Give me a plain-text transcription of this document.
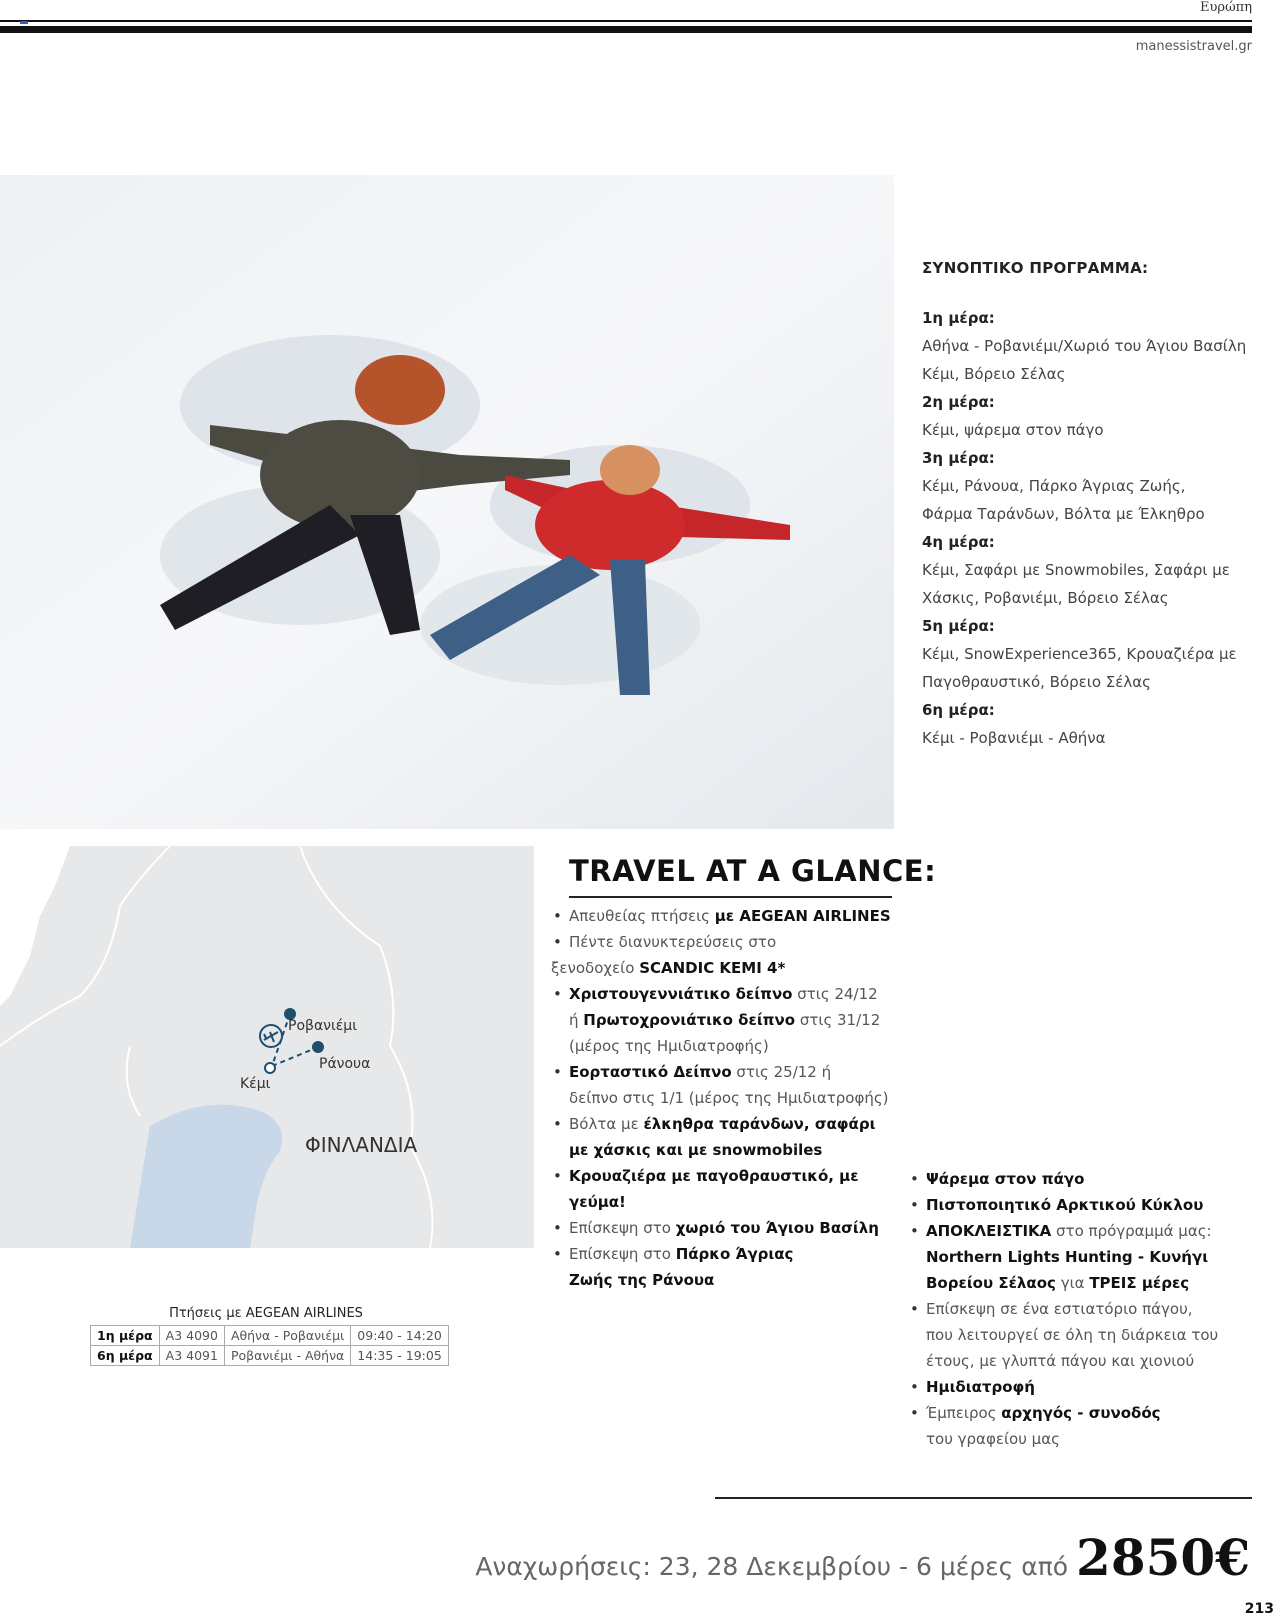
Ευρώπη
manessistravel.gr
ΣΥΝΟΠΤΙΚΟ ΠΡΟΓΡΑΜΜΑ:
1η μέρα:
Αθήνα - Ροβανιέμι/Χωριό του Άγιου Βασίλη
Κέμι, Βόρειο Σέλας
2η μέρα:
Κέμι, ψάρεμα στον πάγο
3η μέρα:
Κέμι, Ράνουα, Πάρκο Άγριας Ζωής,
Φάρμα Ταράνδων, Βόλτα με Έλκηθρο
4η μέρα:
Κέμι, Σαφάρι με Snowmobiles, Σαφάρι με
Χάσκις, Ροβανιέμι, Βόρειο Σέλας
5η μέρα:
Κέμι, SnowExperience365, Κρουαζιέρα με
Παγοθραυστικό, Βόρειο Σέλας
6η μέρα:
Κέμι - Ροβανιέμι - Αθήνα
Ροβανιέμι
Ράνουα
Κέμι
ΦΙΝΛΑΝΔΙΑ
TRAVEL AT A GLANCE:
• Απευθείας πτήσεις με AEGEAN AIRLINES
• Πέντε διανυκτερεύσεις στο
ξενοδοχείο SCANDIC KEMI 4*
• Χριστουγεννιάτικο δείπνο στις 24/12
ή Πρωτοχρονιάτικο δείπνο στις 31/12
(μέρος της Ημιδιατροφής)
• Εορταστικό Δείπνο στις 25/12 ή
δείπνο στις 1/1 (μέρος της Ημιδιατροφής)
• Βόλτα με έλκηθρα ταράνδων, σαφάρι
με χάσκις και με snowmobiles
• Κρουαζιέρα με παγοθραυστικό, με γεύμα!
• Επίσκεψη στο χωριό του Άγιου Βασίλη
• Επίσκεψη στο Πάρκο Άγριας
Ζωής της Ράνουα
• Ψάρεμα στον πάγο
• Πιστοποιητικό Αρκτικού Κύκλου
• ΑΠΟΚΛΕΙΣΤΙΚΑ στο πρόγραμμά μας:
Northern Lights Hunting - Κυνήγι
Βορείου Σέλαος για ΤΡΕΙΣ μέρες
• Επίσκεψη σε ένα εστιατόριο πάγου,
που λειτουργεί σε όλη τη διάρκεια του
έτους, με γλυπτά πάγου και χιονιού
• Ημιδιατροφή
• Έμπειρος αρχηγός - συνοδός
του γραφείου μας
Πτήσεις με AEGEAN AIRLINES
1η μέρα	A3 4090	Αθήνα - Ροβανιέμι	09:40 - 14:20
6η μέρα	A3 4091	Ροβανιέμι - Αθήνα	14:35 - 19:05
Αναχωρήσεις: 23, 28 Δεκεμβρίου - 6 μέρες από 2850€
213
